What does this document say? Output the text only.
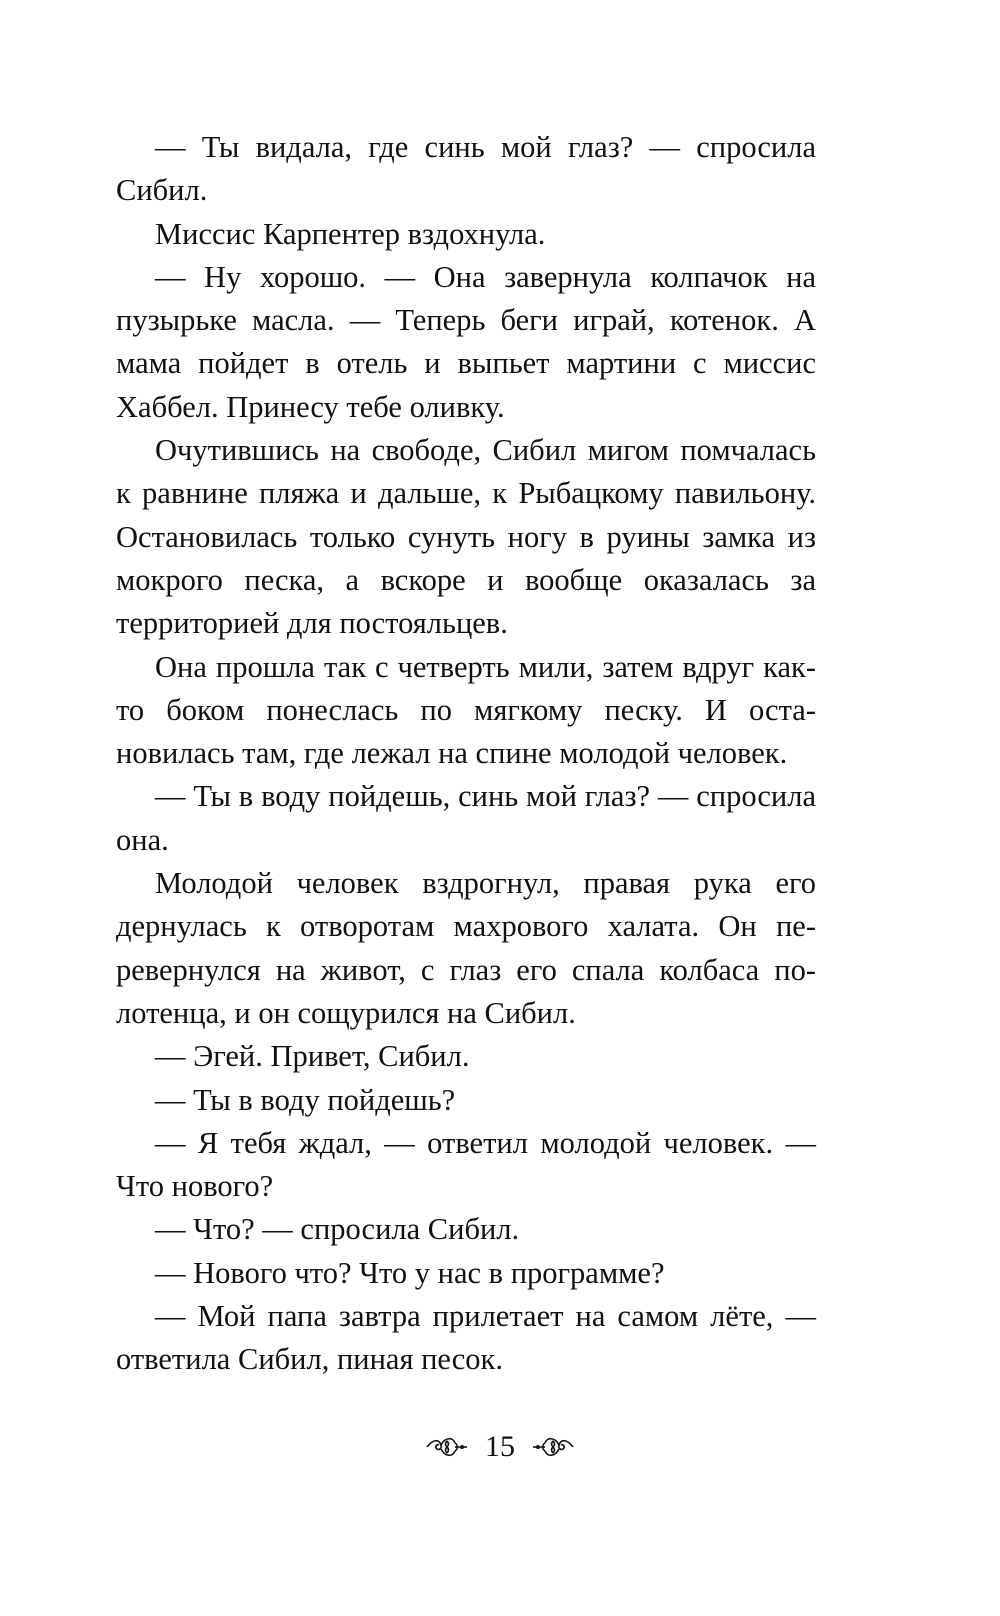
— Ты видала, где синь мой глаз? — спросила Сибил.

Миссис Карпентер вздохнула.

— Ну хорошо. — Она завернула колпачок на пузырьке масла. — Теперь беги играй, котенок. А мама пойдет в отель и выпьет мартини с миссис Хаббел. Принесу тебе оливку.

Очутившись на свободе, Сибил мигом помчалась к равнине пляжа и дальше, к Рыбацкому павильону. Остановилась только сунуть ногу в руины замка из мокрого песка, а вскоре и вообще оказалась за территорией для постояльцев.

Она прошла так с четверть мили, затем вдруг как-то боком понеслась по мягкому песку. И остановилась там, где лежал на спине молодой человек.

— Ты в воду пойдешь, синь мой глаз? — спросила она.

Молодой человек вздрогнул, правая рука его дернулась к отворотам махрового халата. Он перевернулся на живот, с глаз его спала колбаса полотенца, и он сощурился на Сибил.

— Эгей. Привет, Сибил.

— Ты в воду пойдешь?

— Я тебя ждал, — ответил молодой человек. — Что нового?

— Что? — спросила Сибил.

— Нового что? Что у нас в программе?

— Мой папа завтра прилетает на самом лёте, — ответила Сибил, пиная песок.

15
